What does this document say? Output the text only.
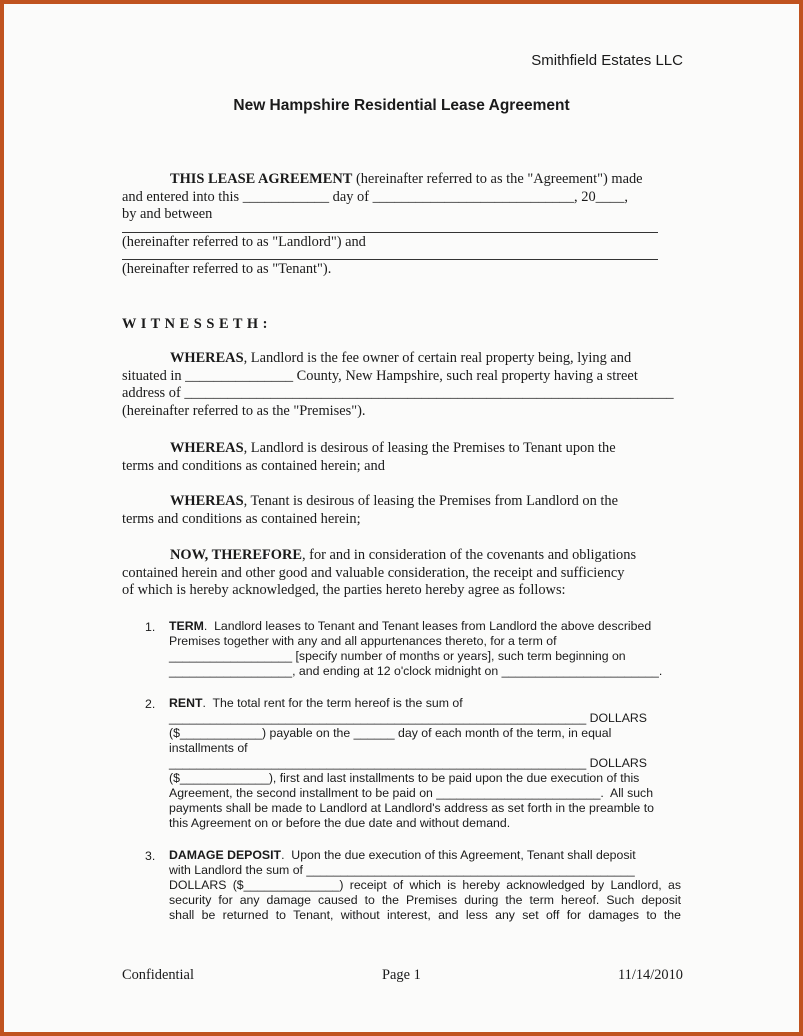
Smithfield Estates LLC
New Hampshire Residential Lease Agreement
THIS LEASE AGREEMENT (hereinafter referred to as the "Agreement") made
and entered into this ____________ day of ____________________________, 20____,
by and between
(hereinafter referred to as "Landlord") and
(hereinafter referred to as "Tenant").
W I T N E S S E T H :
WHEREAS, Landlord is the fee owner of certain real property being, lying and
situated in _______________ County, New Hampshire, such real property having a street
address of ____________________________________________________________________
(hereinafter referred to as the "Premises").
WHEREAS, Landlord is desirous of leasing the Premises to Tenant upon the
terms and conditions as contained herein; and
WHEREAS, Tenant is desirous of leasing the Premises from Landlord on the
terms and conditions as contained herein;
NOW, THEREFORE, for and in consideration of the covenants and obligations
contained herein and other good and valuable consideration, the receipt and sufficiency
of which is hereby acknowledged, the parties hereto hereby agree as follows:
1. TERM.  Landlord leases to Tenant and Tenant leases from Landlord the above described
Premises together with any and all appurtenances thereto, for a term of
__________________ [specify number of months or years], such term beginning on
__________________, and ending at 12 o'clock midnight on _______________________.
2. RENT.  The total rent for the term hereof is the sum of
_____________________________________________________________ DOLLARS
($____________) payable on the ______ day of each month of the term, in equal
installments of
_____________________________________________________________ DOLLARS
($_____________), first and last installments to be paid upon the due execution of this
Agreement, the second installment to be paid on ________________________.  All such
payments shall be made to Landlord at Landlord's address as set forth in the preamble to
this Agreement on or before the due date and without demand.
3. DAMAGE DEPOSIT.  Upon the due execution of this Agreement, Tenant shall deposit
with Landlord the sum of ________________________________________________
DOLLARS ($______________) receipt of which is hereby acknowledged by Landlord, as
security for any damage caused to the Premises during the term hereof. Such deposit
shall be returned to Tenant, without interest, and less any set off for damages to the
Confidential	Page 1	11/14/2010
